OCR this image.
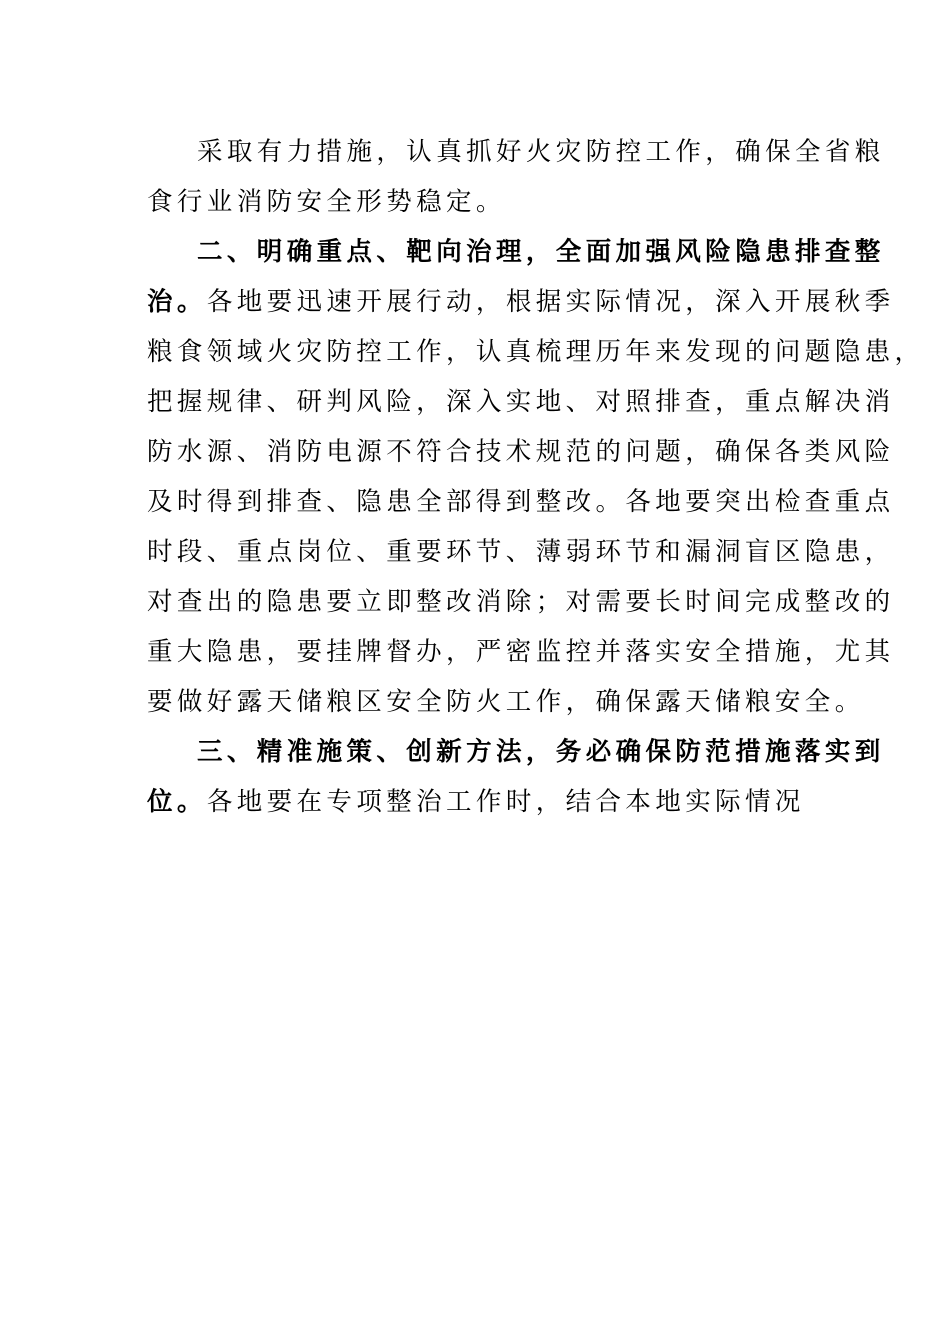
采取有力措施，认真抓好火灾防控工作，确保全省粮
食行业消防安全形势稳定。
二、明确重点、靶向治理，全面加强风险隐患排查整
治。各地要迅速开展行动，根据实际情况，深入开展秋季
粮食领域火灾防控工作，认真梳理历年来发现的问题隐患，
把握规律、研判风险，深入实地、对照排查，重点解决消
防水源、消防电源不符合技术规范的问题，确保各类风险
及时得到排查、隐患全部得到整改。各地要突出检查重点
时段、重点岗位、重要环节、薄弱环节和漏洞盲区隐患，
对查出的隐患要立即整改消除；对需要长时间完成整改的
重大隐患，要挂牌督办，严密监控并落实安全措施，尤其
要做好露天储粮区安全防火工作，确保露天储粮安全。
三、精准施策、创新方法，务必确保防范措施落实到
位。各地要在专项整治工作时，结合本地实际情况
